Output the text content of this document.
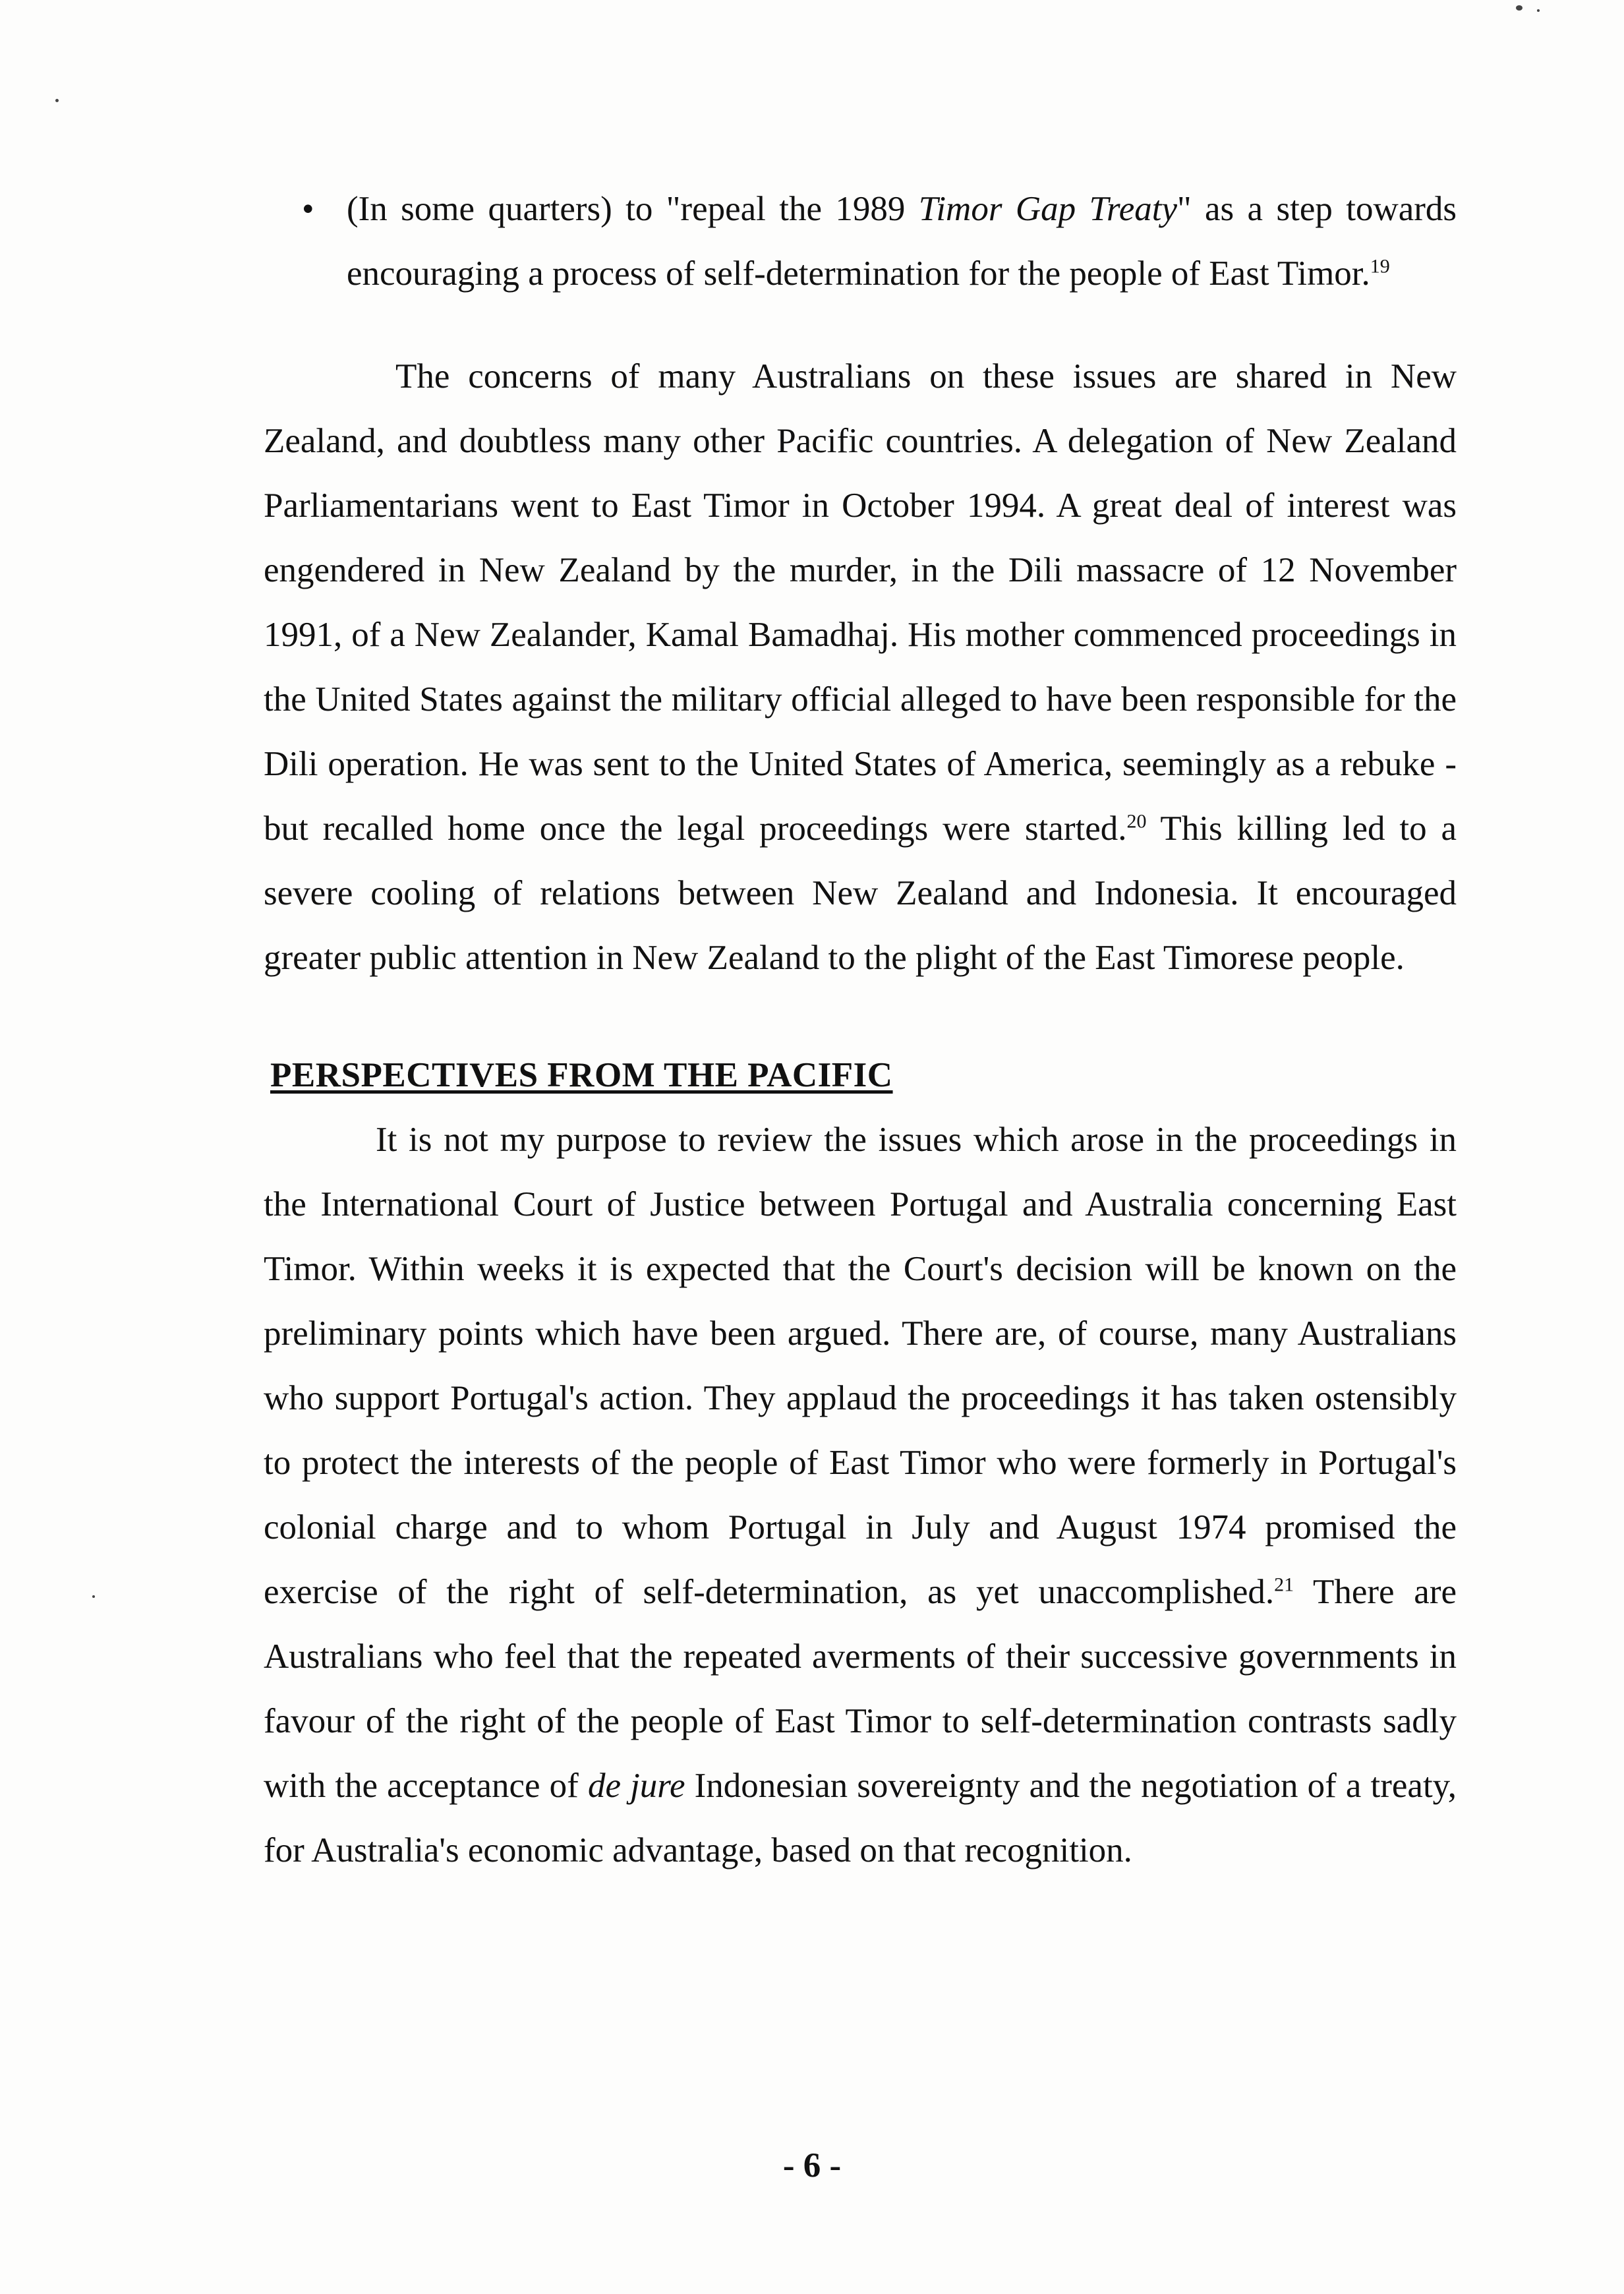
• (In some quarters) to "repeal the 1989 Timor Gap Treaty" as a step towards encouraging a process of self-determination for the people of East Timor.$^{19}$

The concerns of many Australians on these issues are shared in New Zealand, and doubtless many other Pacific countries. A delegation of New Zealand Parliamentarians went to East Timor in October 1994. A great deal of interest was engendered in New Zealand by the murder, in the Dili massacre of 12 November 1991, of a New Zealander, Kamal Bamadhaj. His mother commenced proceedings in the United States against the military official alleged to have been responsible for the Dili operation. He was sent to the United States of America, seemingly as a rebuke - but recalled home once the legal proceedings were started.$^{20}$ This killing led to a severe cooling of relations between New Zealand and Indonesia. It encouraged greater public attention in New Zealand to the plight of the East Timorese people.

PERSPECTIVES FROM THE PACIFIC

It is not my purpose to review the issues which arose in the proceedings in the International Court of Justice between Portugal and Australia concerning East Timor. Within weeks it is expected that the Court's decision will be known on the preliminary points which have been argued. There are, of course, many Australians who support Portugal's action. They applaud the proceedings it has taken ostensibly to protect the interests of the people of East Timor who were formerly in Portugal's colonial charge and to whom Portugal in July and August 1974 promised the exercise of the right of self-determination, as yet unaccomplished.$^{21}$ There are Australians who feel that the repeated averments of their successive governments in favour of the right of the people of East Timor to self-determination contrasts sadly with the acceptance of de jure Indonesian sovereignty and the negotiation of a treaty, for Australia's economic advantage, based on that recognition.

- 6 -
